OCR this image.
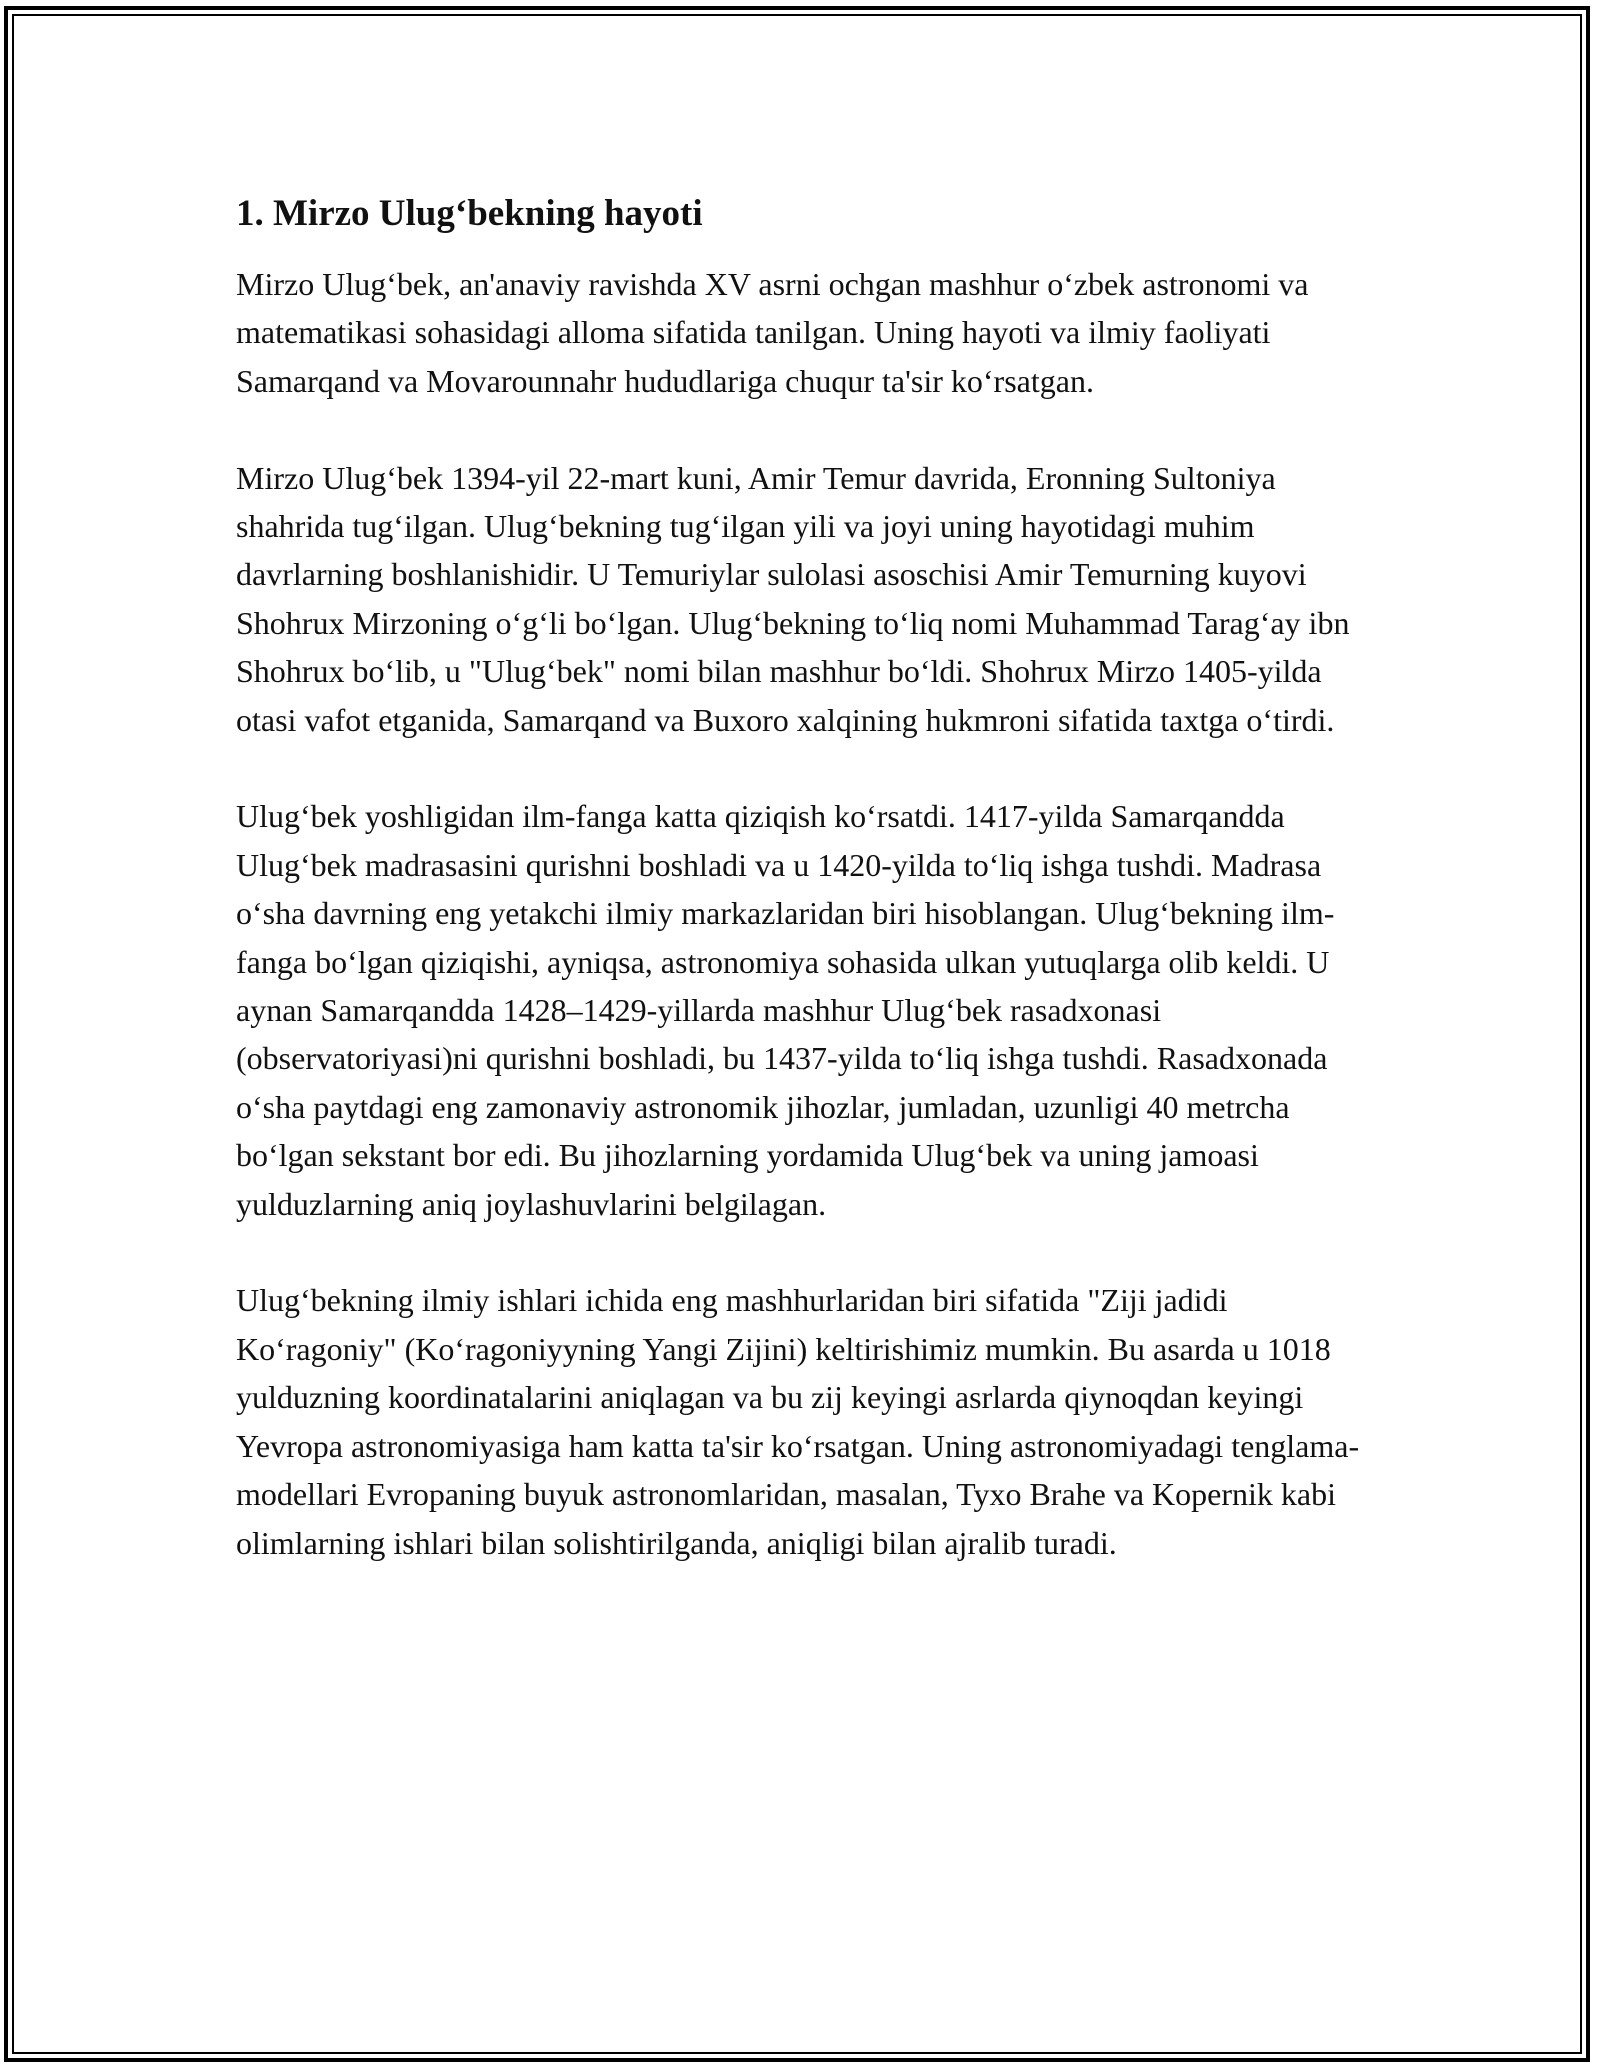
1. Mirzo Ulug‘bekning hayoti

Mirzo Ulug‘bek, an'anaviy ravishda XV asrni ochgan mashhur o‘zbek astronomi va matematikasi sohasidagi alloma sifatida tanilgan. Uning hayoti va ilmiy faoliyati Samarqand va Movarounnahr hududlariga chuqur ta'sir ko‘rsatgan.

Mirzo Ulug‘bek 1394-yil 22-mart kuni, Amir Temur davrida, Eronning Sultoniya shahrida tug‘ilgan. Ulug‘bekning tug‘ilgan yili va joyi uning hayotidagi muhim davrlarning boshlanishidir. U Temuriylar sulolasi asoschisi Amir Temurning kuyovi Shohrux Mirzoning o‘g‘li bo‘lgan. Ulug‘bekning to‘liq nomi Muhammad Tarag‘ay ibn Shohrux bo‘lib, u "Ulug‘bek" nomi bilan mashhur bo‘ldi. Shohrux Mirzo 1405-yilda otasi vafot etganida, Samarqand va Buxoro xalqining hukmroni sifatida taxtga o‘tirdi.

Ulug‘bek yoshligidan ilm-fanga katta qiziqish ko‘rsatdi. 1417-yilda Samarqandda Ulug‘bek madrasasini qurishni boshladi va u 1420-yilda to‘liq ishga tushdi. Madrasa o‘sha davrning eng yetakchi ilmiy markazlaridan biri hisoblangan. Ulug‘bekning ilm-fanga bo‘lgan qiziqishi, ayniqsa, astronomiya sohasida ulkan yutuqlarga olib keldi. U aynan Samarqandda 1428–1429-yillarda mashhur Ulug‘bek rasadxonasi (observatoriyasi)ni qurishni boshladi, bu 1437-yilda to‘liq ishga tushdi. Rasadxonada o‘sha paytdagi eng zamonaviy astronomik jihozlar, jumladan, uzunligi 40 metrcha bo‘lgan sekstant bor edi. Bu jihozlarning yordamida Ulug‘bek va uning jamoasi yulduzlarning aniq joylashuvlarini belgilagan.

Ulug‘bekning ilmiy ishlari ichida eng mashhurlaridan biri sifatida "Ziji jadidi Ko‘ragoniy" (Ko‘ragoniyyning Yangi Zijini) keltirishimiz mumkin. Bu asarda u 1018 yulduzning koordinatalarini aniqlagan va bu zij keyingi asrlarda qiynoqdan keyingi Yevropa astronomiyasiga ham katta ta'sir ko‘rsatgan. Uning astronomiyadagi tenglama-modellari Evropaning buyuk astronomlaridan, masalan, Tyxo Brahe va Kopernik kabi olimlarning ishlari bilan solishtirilganda, aniqligi bilan ajralib turadi.
